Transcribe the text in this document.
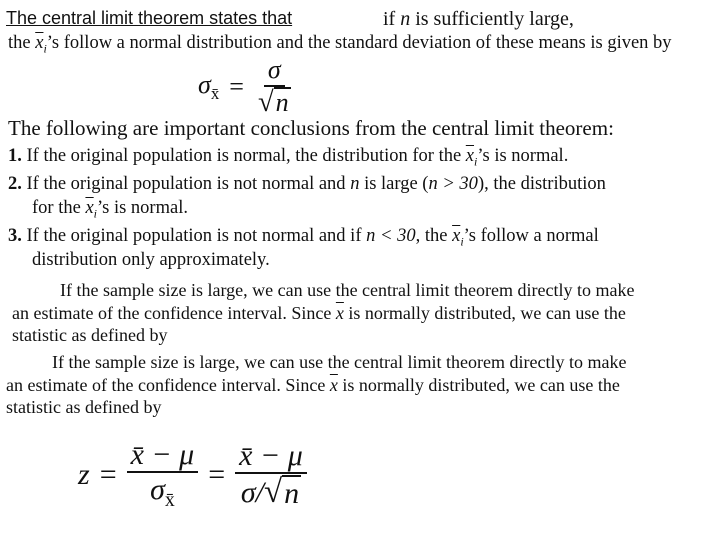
The central limit theorem states that	if n is sufficiently large,
the $\overline{x}_i’s$ follow a normal distribution and the standard deviation of these means is given by
$\sigma_{x̄} = \frac{\sigma}{√ n}$
The following are important conclusions from the central limit theorem:
1. If the original population is normal, the distribution for the $\overline{x}_i’s$ is normal.
2. If the original population is not normal and n is large (n > 30), the distribution
for the $\overline{x}_i’s$ is normal.
3. If the original population is not normal and if n < 30, the $\overline{x}_i’s$ follow a normal
distribution only approximately.
If the sample size is large, we can use the central limit theorem directly to make
an estimate of the confidence interval. Since $\overline{x}$ is normally distributed, we can use the
statistic as defined by
If the sample size is large, we can use the central limit theorem directly to make
an estimate of the confidence interval. Since $\overline{x}$ is normally distributed, we can use the
statistic as defined by
$z = \frac{x̄ - \mu}{\sigma_{x̄}} = \frac{x̄ - \mu}{\sigma/ √ n}$
